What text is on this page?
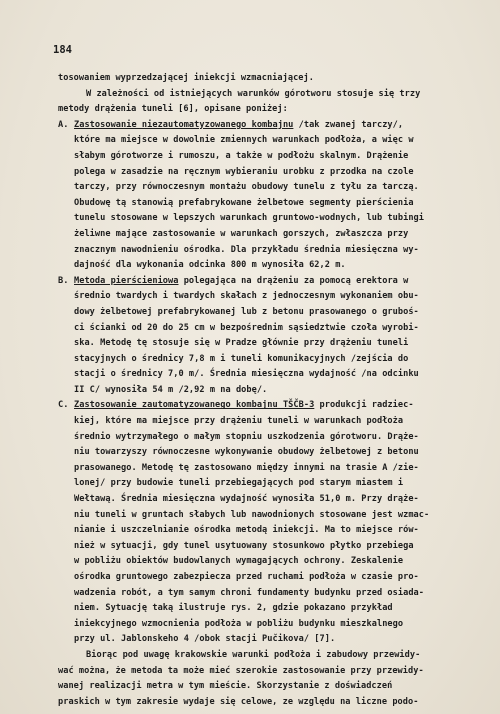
184
tosowaniem wyprzedzającej iniekcji wzmacniającej.
W zależności od istniejących warunków górotworu stosuje się trzy
metody drążenia tuneli [6], opisane poniżej:
A. Zastosowanie niezautomatyzowanego kombajnu /tak zwanej tarczy/,
które ma miejsce w dowolnie zmiennych warunkach podłoża, a więc w
słabym górotworze i rumoszu, a także w podłożu skalnym. Drążenie
polega w zasadzie na ręcznym wybieraniu urobku z przodka na czole
tarczy, przy równoczesnym montażu obudowy tunelu z tyłu za tarczą.
Obudowę tą stanowią prefabrykowane żelbetowe segmenty pierścienia
tunelu stosowane w lepszych warunkach gruntowo-wodnych, lub tubingi
żeliwne mające zastosowanie w warunkach gorszych, zwłaszcza przy
znacznym nawodnieniu ośrodka. Dla przykładu średnia miesięczna wy-
dajność dla wykonania odcinka 800 m wynosiła 62,2 m.
B. Metoda pierścieniowa polegająca na drążeniu za pomocą erektora w
średnio twardych i twardych skałach z jednoczesnym wykonaniem obu-
dowy żelbetowej prefabrykowanej lub z betonu prasowanego o gruboś-
ci ścianki od 20 do 25 cm w bezpośrednim sąsiedztwie czoła wyrobi-
ska. Metodę tę stosuje się w Pradze głównie przy drążeniu tuneli
stacyjnych o średnicy 7,8 m i tuneli komunikacyjnych /zejścia do
stacji o średnicy 7,0 m/. Średnia miesięczna wydajność /na odcinku
II C/ wynosiła 54 m /2,92 m na dobę/.
C. Zastosowanie zautomatyzowanego kombajnu TŠČB-3 produkcji radziec-
kiej, które ma miejsce przy drążeniu tuneli w warunkach podłoża
średnio wytrzymałego o małym stopniu uszkodzenia górotworu. Drąże-
niu towarzyszy równoczesne wykonywanie obudowy żelbetowej z betonu
prasowanego. Metodę tę zastosowano między innymi na trasie A /zie-
lonej/ przy budowie tuneli przebiegających pod starym miastem i
Wełtawą. Średnia miesięczna wydajność wynosiła 51,0 m. Przy drąże-
niu tuneli w gruntach słabych lub nawodnionych stosowane jest wzmac-
nianie i uszczelnianie ośrodka metodą iniekcji. Ma to miejsce rów-
nież w sytuacji, gdy tunel usytuowany stosunkowo płytko przebiega
w pobliżu obiektów budowlanych wymagających ochrony. Zeskalenie
ośrodka gruntowego zabezpiecza przed ruchami podłoża w czasie pro-
wadzenia robót, a tym samym chroni fundamenty budynku przed osiada-
niem. Sytuację taką ilustruje rys. 2, gdzie pokazano przykład
iniekcyjnego wzmocnienia podłoża w pobliżu budynku mieszkalnego
przy ul. Jablonskeho 4 /obok stacji Pučikova/ [7].
Biorąc pod uwagę krakowskie warunki podłoża i zabudowy przewidy-
wać można, że metoda ta może mieć szerokie zastosowanie przy przewidy-
wanej realizacji metra w tym mieście. Skorzystanie z doświadczeń
praskich w tym zakresie wydaje się celowe, ze względu na liczne podo-
